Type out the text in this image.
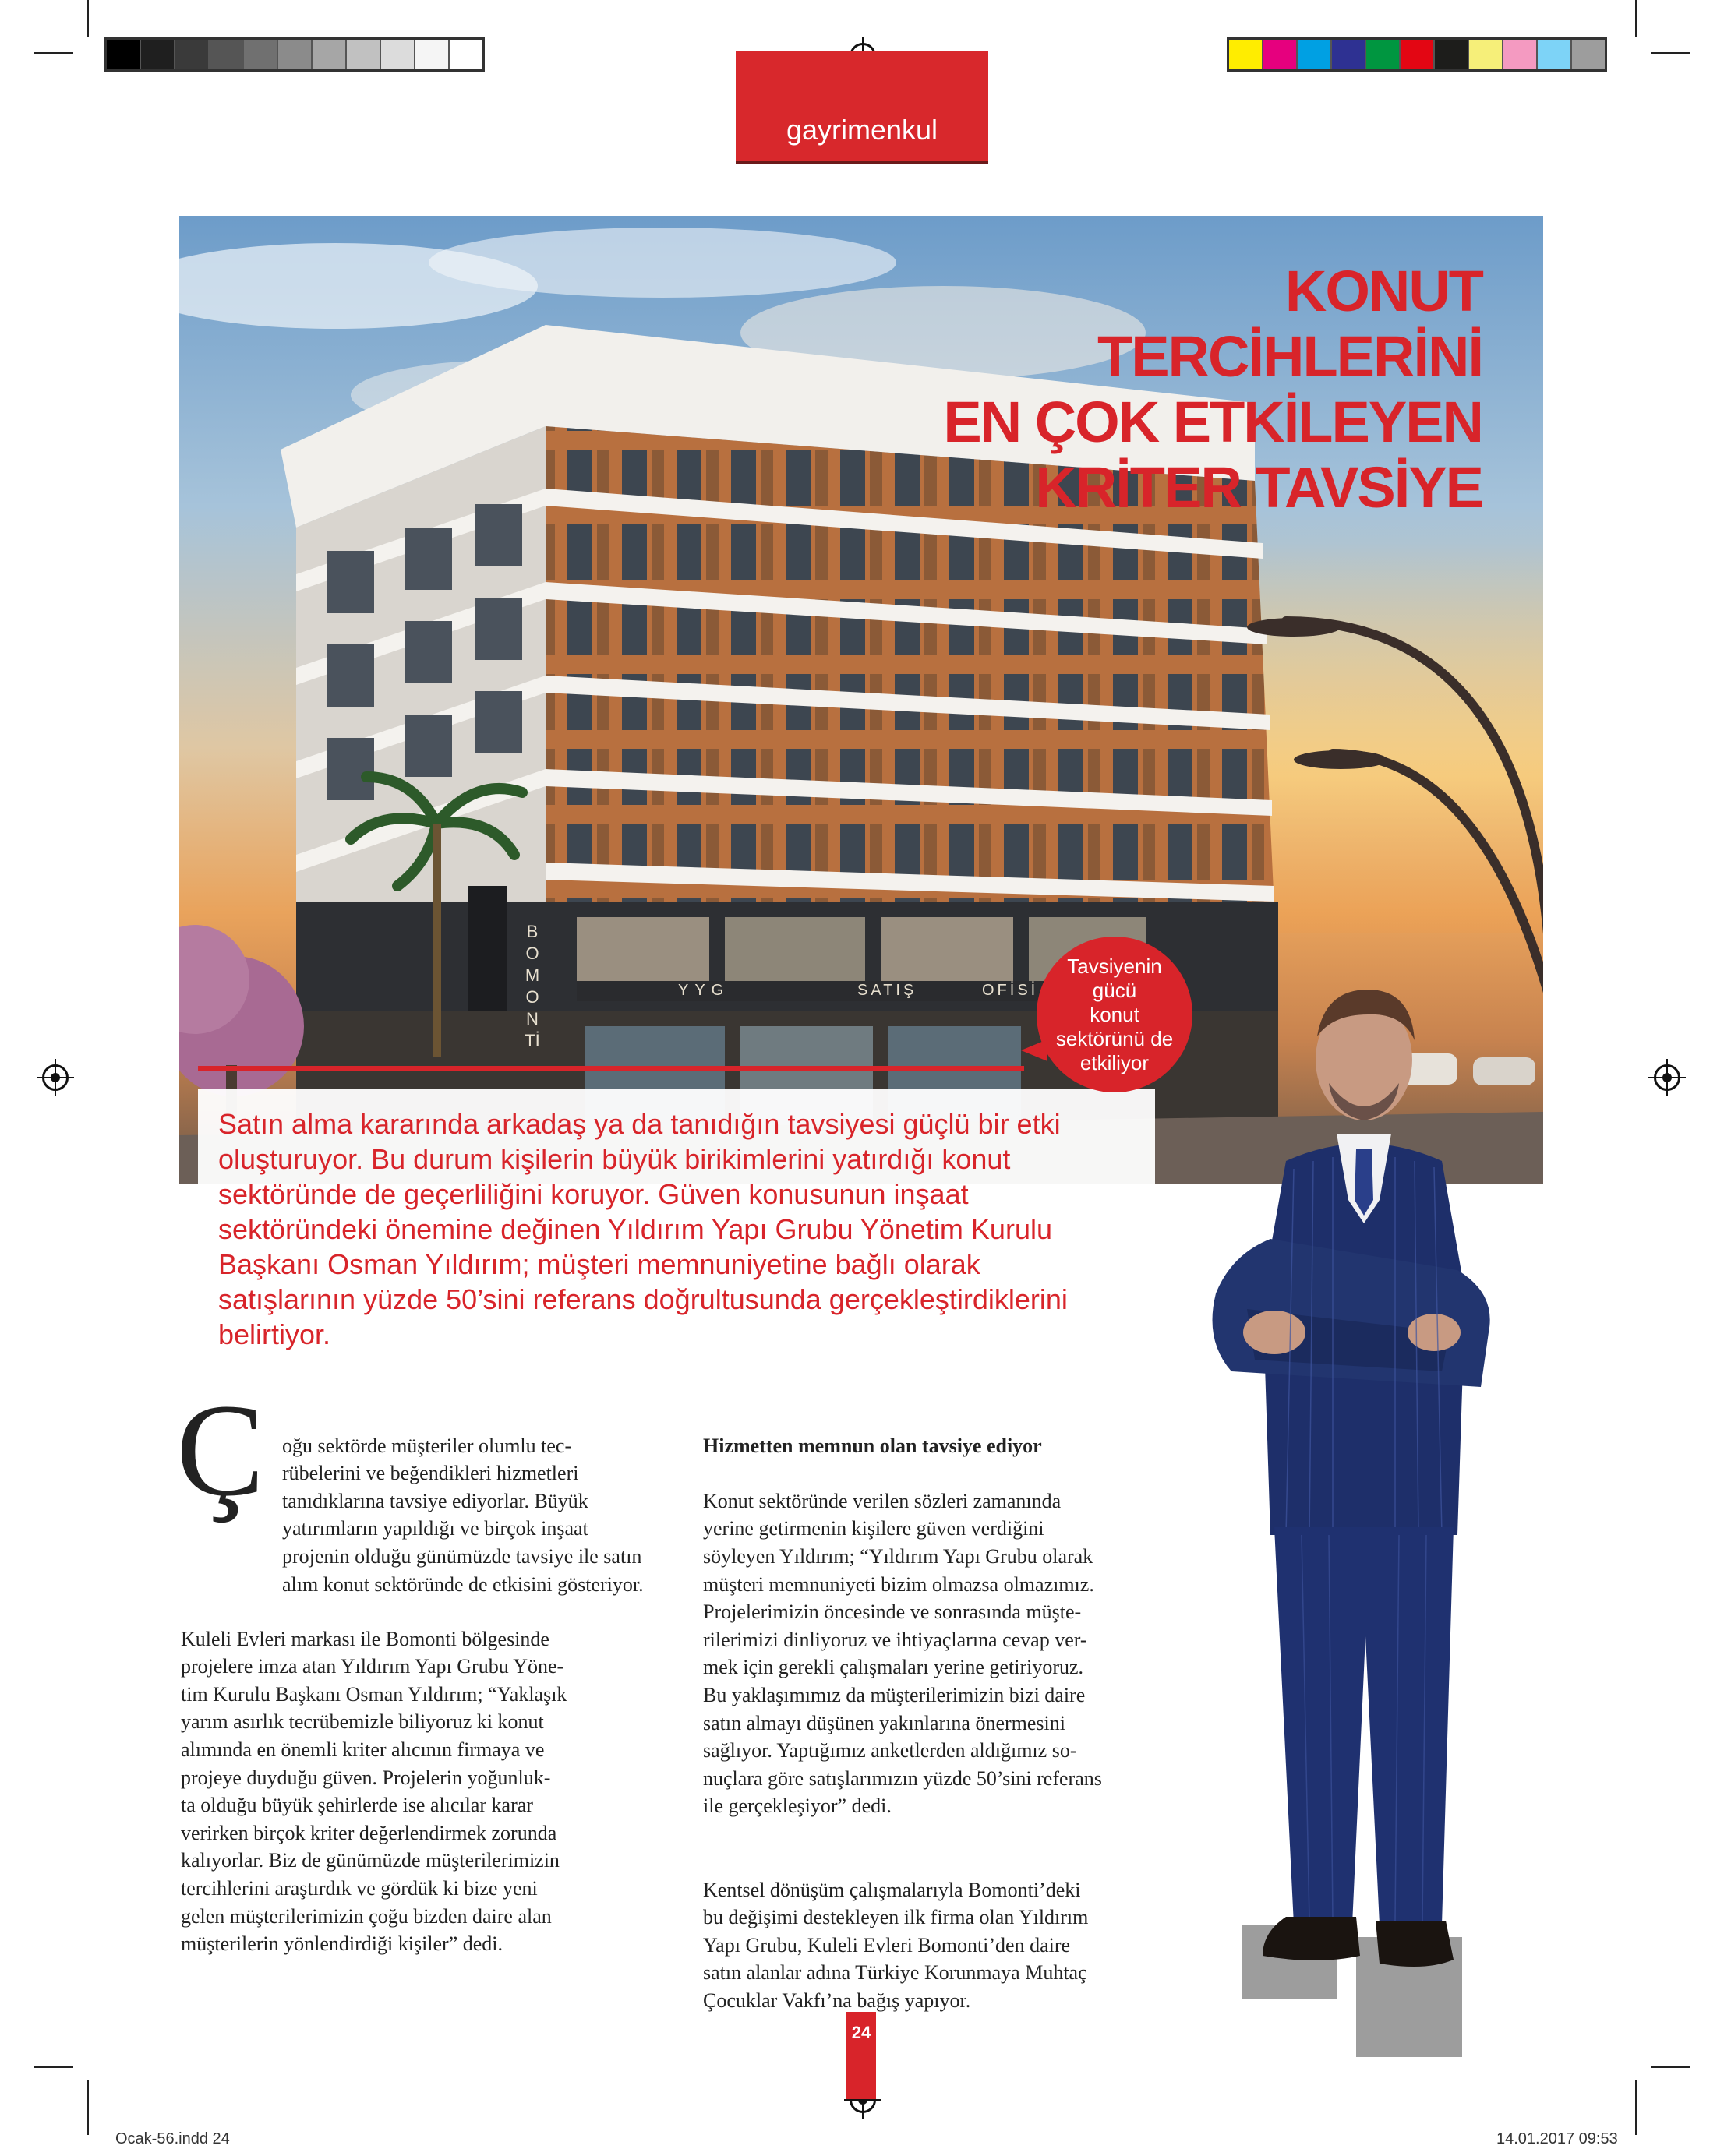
gayrimenkul
BOMONTİ
YYG	SATIŞ	OFİSİ
KONUT
TERCİHLERİNİ
EN ÇOK ETKİLEYEN
KRİTER TAVSİYE
Satın alma kararında arkadaş ya da tanıdığın tavsiyesi güçlü bir etki oluşturuyor. Bu durum kişilerin büyük birikimlerini yatırdığı konut sektöründe de geçerliliğini koruyor. Güven konusunun inşaat sektöründeki önemine değinen Yıldırım Yapı Grubu Yönetim Kurulu Başkanı Osman Yıldırım; müşteri memnuniyetine bağlı olarak satışlarının yüzde 50’sini referans doğrultusunda gerçekleştirdiklerini belirtiyor.
Tavsiyenin
gücü
konut
sektörünü de
etkiliyor
Ç oğu sektörde müşteriler olumlu tec-
rübelerini ve beğendikleri hizmetleri
tanıdıklarına tavsiye ediyorlar. Büyük
yatırımların yapıldığı ve birçok inşaat
projenin olduğu günümüzde tavsiye ile satın
alım konut sektöründe de etkisini gösteriyor.

Kuleli Evleri markası ile Bomonti bölgesinde
projelere imza atan Yıldırım Yapı Grubu Yöne-
tim Kurulu Başkanı Osman Yıldırım; “Yaklaşık
yarım asırlık tecrübemizle biliyoruz ki konut
alımında en önemli kriter alıcının firmaya ve
projeye duyduğu güven. Projelerin yoğunluk-
ta olduğu büyük şehirlerde ise alıcılar karar
verirken birçok kriter değerlendirmek zorunda
kalıyorlar. Biz de günümüzde müşterilerimizin
tercihlerini araştırdık ve gördük ki bize yeni
gelen müşterilerimizin çoğu bizden daire alan
müşterilerin yönlendirdiği kişiler” dedi.

Hizmetten memnun olan tavsiye ediyor

Konut sektöründe verilen sözleri zamanında
yerine getirmenin kişilere güven verdiğini
söyleyen Yıldırım; “Yıldırım Yapı Grubu olarak
müşteri memnuniyeti bizim olmazsa olmazımız.
Projelerimizin öncesinde ve sonrasında müşte-
rilerimizi dinliyoruz ve ihtiyaçlarına cevap ver-
mek için gerekli çalışmaları yerine getiriyoruz.
Bu yaklaşımımız da müşterilerimizin bizi daire
satın almayı düşünen yakınlarına önermesini
sağlıyor. Yaptığımız anketlerden aldığımız so-
nuçlara göre satışlarımızın yüzde 50’sini referans
ile gerçekleşiyor” dedi.

Kentsel dönüşüm çalışmalarıyla Bomonti’deki
bu değişimi destekleyen ilk firma olan Yıldırım
Yapı Grubu, Kuleli Evleri Bomonti’den daire
satın alanlar adına Türkiye Korunmaya Muhtaç
Çocuklar Vakfı’na bağış yapıyor.

24
Ocak-56.indd 24	14.01.2017 09:53
